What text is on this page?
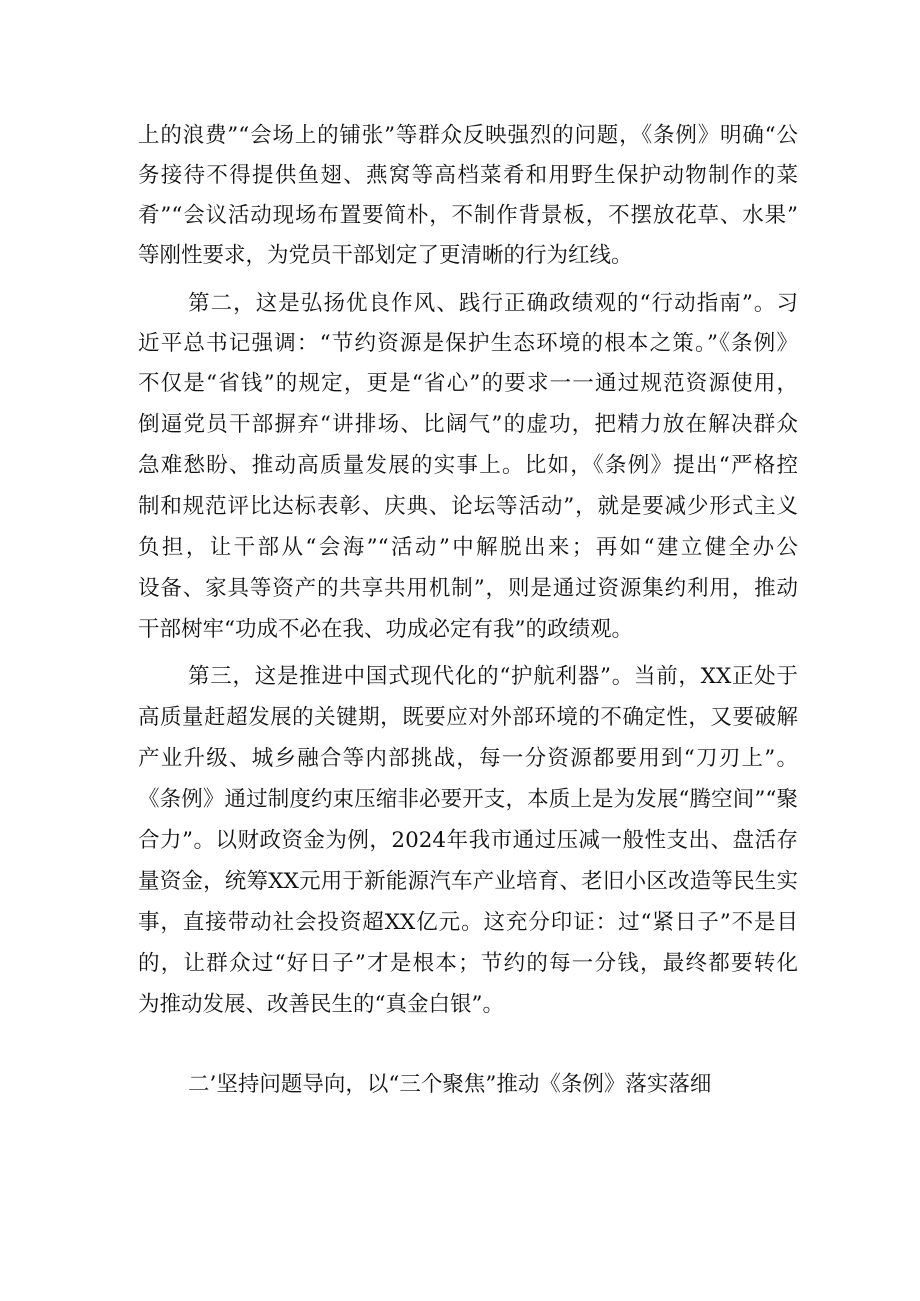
上的浪费”“会场上的铺张”等群众反映强烈的问题，《条例》明确“公
务接待不得提供鱼翅、燕窝等高档菜肴和用野生保护动物制作的菜
肴”“会议活动现场布置要简朴，不制作背景板，不摆放花草、水果”
等刚性要求，为党员干部划定了更清晰的行为红线。
第二，这是弘扬优良作风、践行正确政绩观的“行动指南”。习
近平总书记强调：“节约资源是保护生态环境的根本之策。”《条例》
不仅是“省钱”的规定，更是“省心”的要求一一通过规范资源使用，
倒逼党员干部摒弃“讲排场、比阔气”的虚功，把精力放在解决群众
急难愁盼、推动高质量发展的实事上。比如，《条例》提出“严格控
制和规范评比达标表彰、庆典、论坛等活动”，就是要减少形式主义
负担，让干部从“会海”“活动”中解脱出来；再如“建立健全办公
设备、家具等资产的共享共用机制”，则是通过资源集约利用，推动
干部树牢“功成不必在我、功成必定有我”的政绩观。
第三，这是推进中国式现代化的“护航利器”。当前，XX正处于
高质量赶超发展的关键期，既要应对外部环境的不确定性，又要破解
产业升级、城乡融合等内部挑战，每一分资源都要用到“刀刃上”。
《条例》通过制度约束压缩非必要开支，本质上是为发展“腾空间”“聚
合力”。以财政资金为例，2024年我市通过压减一般性支出、盘活存
量资金，统筹XX元用于新能源汽车产业培育、老旧小区改造等民生实
事，直接带动社会投资超XX亿元。这充分印证：过“紧日子”不是目
的，让群众过“好日子”才是根本；节约的每一分钱，最终都要转化
为推动发展、改善民生的“真金白银”。
二’坚持问题导向，以“三个聚焦”推动《条例》落实落细
